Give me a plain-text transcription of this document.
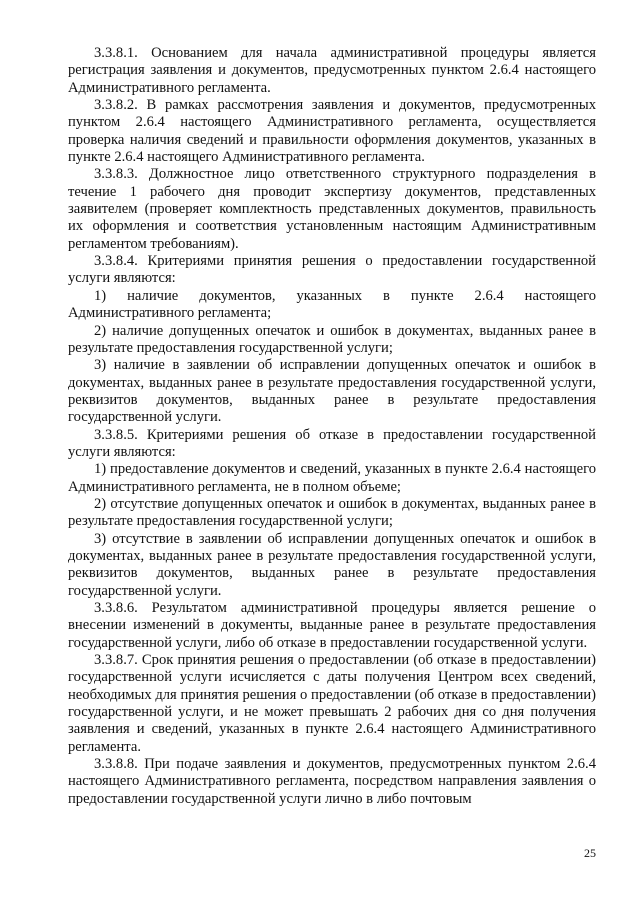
3.3.8.1. Основанием для начала административной процедуры является регистрация заявления и документов, предусмотренных пунктом 2.6.4 настоящего Административного регламента.

3.3.8.2. В рамках рассмотрения заявления и документов, предусмотренных пунктом 2.6.4 настоящего Административного регламента, осуществляется проверка наличия сведений и правильности оформления документов, указанных в пункте 2.6.4 настоящего Административного регламента.

3.3.8.3. Должностное лицо ответственного структурного подразделения в течение 1 рабочего дня проводит экспертизу документов, представленных заявителем (проверяет комплектность представленных документов, правильность их оформления и соответствия установленным настоящим Административным регламентом требованиям).

3.3.8.4. Критериями принятия решения о предоставлении государственной услуги являются:

1) наличие документов, указанных в пункте 2.6.4 настоящего Административного регламента;

2) наличие допущенных опечаток и ошибок в документах, выданных ранее в результате предоставления государственной услуги;

3) наличие в заявлении об исправлении допущенных опечаток и ошибок в документах, выданных ранее в результате предоставления государственной услуги, реквизитов документов, выданных ранее в результате предоставления государственной услуги.

3.3.8.5. Критериями решения об отказе в предоставлении государственной услуги являются:

1) предоставление документов и сведений, указанных в пункте 2.6.4 настоящего Административного регламента, не в полном объеме;

2) отсутствие допущенных опечаток и ошибок в документах, выданных ранее в результате предоставления государственной услуги;

3) отсутствие в заявлении об исправлении допущенных опечаток и ошибок в документах, выданных ранее в результате предоставления государственной услуги, реквизитов документов, выданных ранее в результате предоставления государственной услуги.

3.3.8.6. Результатом административной процедуры является решение о внесении изменений в документы, выданные ранее в результате предоставления государственной услуги, либо об отказе в предоставлении государственной услуги.

3.3.8.7. Срок принятия решения о предоставлении (об отказе в предоставлении) государственной услуги исчисляется с даты получения Центром всех сведений, необходимых для принятия решения о предоставлении (об отказе в предоставлении) государственной услуги, и не может превышать 2 рабочих дня со дня получения заявления и сведений, указанных в пункте 2.6.4 настоящего Административного регламента.

3.3.8.8. При подаче заявления и документов, предусмотренных пунктом 2.6.4 настоящего Административного регламента, посредством направления заявления о предоставлении государственной услуги лично в либо почтовым

25
